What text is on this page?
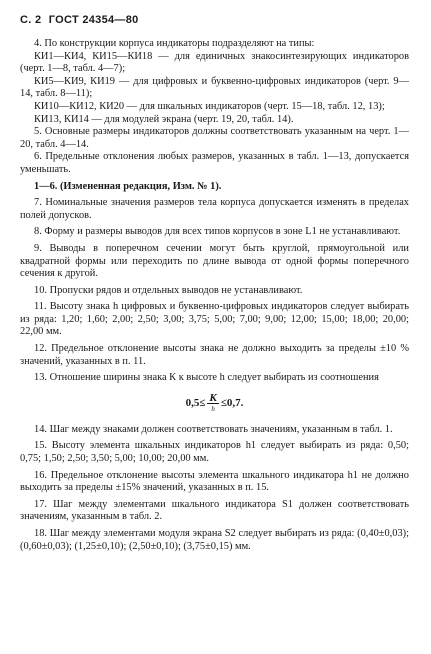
С. 2 ГОСТ 24354—80

4. По конструкции корпуса индикаторы подразделяют на типы:

КИ1—КИ4, КИ15—КИ18 — для единичных знакосинтезирующих индикаторов (черт. 1—8, табл. 4—7);

КИ5—КИ9, КИ19 — для цифровых и буквенно-цифровых индикаторов (черт. 9—14, табл. 8—11);

КИ10—КИ12, КИ20 — для шкальных индикаторов (черт. 15—18, табл. 12, 13);

КИ13, КИ14 — для модулей экрана (черт. 19, 20, табл. 14).

5. Основные размеры индикаторов должны соответствовать указанным на черт. 1—20, табл. 4—14.

6. Предельные отклонения любых размеров, указанных в табл. 1—13, допускается уменьшать.

1—6. (Измененная редакция, Изм. № 1).

7. Номинальные значения размеров тела корпуса допускается изменять в пределах полей допусков.

8. Форму и размеры выводов для всех типов корпусов в зоне L1 не устанавливают.

9. Выводы в поперечном сечении могут быть круглой, прямоугольной или квадратной формы или переходить по длине вывода от одной формы поперечного сечения к другой.

10. Пропуски рядов и отдельных выводов не устанавливают.

11. Высоту знака h цифровых и буквенно-цифровых индикаторов следует выбирать из ряда: 1,20; 1,60; 2,00; 2,50; 3,00; 3,75; 5,00; 7,00; 9,00; 12,00; 15,00; 18,00; 20,00; 22,00 мм.

12. Предельное отклонение высоты знака не должно выходить за пределы ±10 % значений, указанных в п. 11.

13. Отношение ширины знака К к высоте h следует выбирать из соотношения

$0,5\le \frac{К}{h} \le 0,7$.

14. Шаг между знаками должен соответствовать значениям, указанным в табл. 1.

15. Высоту элемента шкальных индикаторов h1 следует выбирать из ряда: 0,50; 0,75; 1,50; 2,50; 3,50; 5,00; 10,00; 20,00 мм.

16. Предельное отклонение высоты элемента шкального индикатора h1 не должно выходить за пределы ±15% значений, указанных в п. 15.

17. Шаг между элементами шкального индикатора S1 должен соответствовать значениям, указанным в табл. 2.

18. Шаг между элементами модуля экрана S2 следует выбирать из ряда: (0,40±0,03); (0,60±0,03); (1,25±0,10); (2,50±0,10); (3,75±0,15) мм.
